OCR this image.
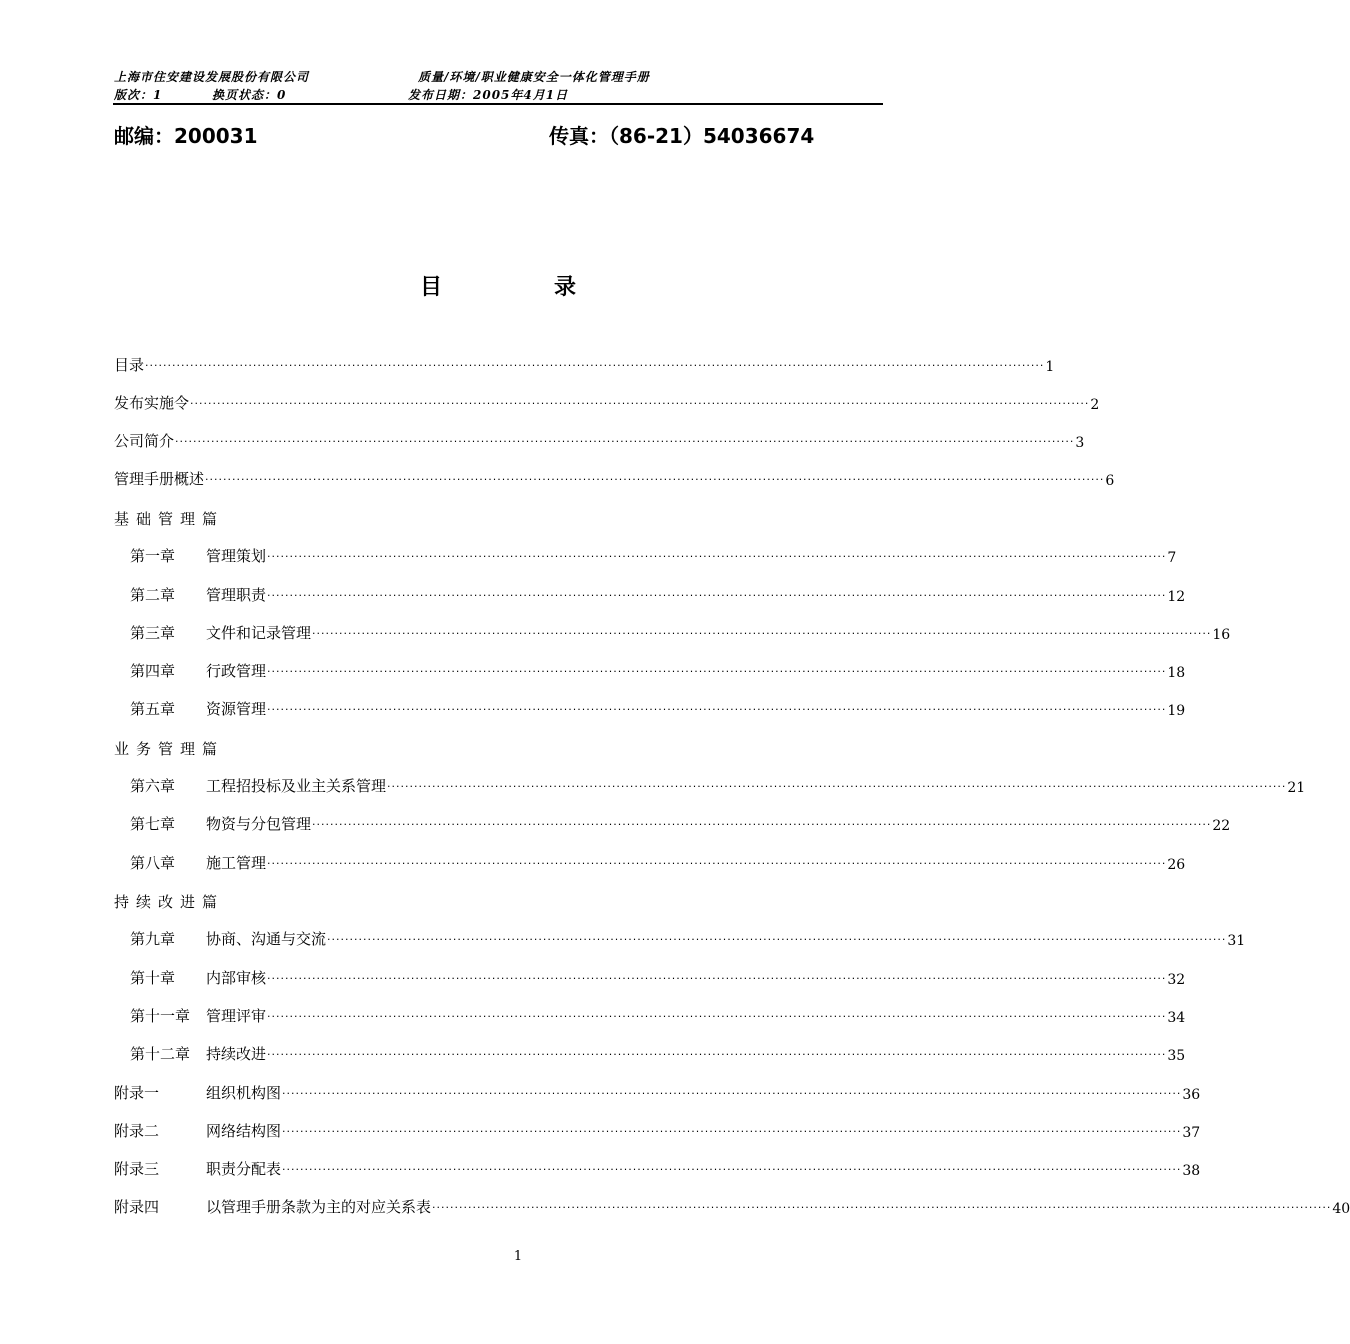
上海市住安建设发展股份有限公司	质量/环境/职业健康安全一体化管理手册
版次：1	换页状态：0	发布日期：2005年4月1日
邮编：200031	传真：（86-21）54036674
目	录
目录 ········································································································································································································ 1
发布实施令 ········································································································································································································ 2
公司简介 ········································································································································································································ 3
管理手册概述 ········································································································································································································ 6
基础管理篇
第一章	管理策划 ········································································································································································································ 7
第二章	管理职责 ········································································································································································································ 12
第三章	文件和记录管理 ········································································································································································································ 16
第四章	行政管理 ········································································································································································································ 18
第五章	资源管理 ········································································································································································································ 19
业务管理篇
第六章	工程招投标及业主关系管理 ········································································································································································································ 21
第七章	物资与分包管理 ········································································································································································································ 22
第八章	施工管理 ········································································································································································································ 26
持续改进篇
第九章	协商、沟通与交流 ········································································································································································································ 31
第十章	内部审核 ········································································································································································································ 32
第十一章	管理评审 ········································································································································································································ 34
第十二章	持续改进 ········································································································································································································ 35
附录一	组织机构图 ········································································································································································································ 36
附录二	网络结构图 ········································································································································································································ 37
附录三	职责分配表 ········································································································································································································ 38
附录四	以管理手册条款为主的对应关系表 ········································································································································································································ 40
1
